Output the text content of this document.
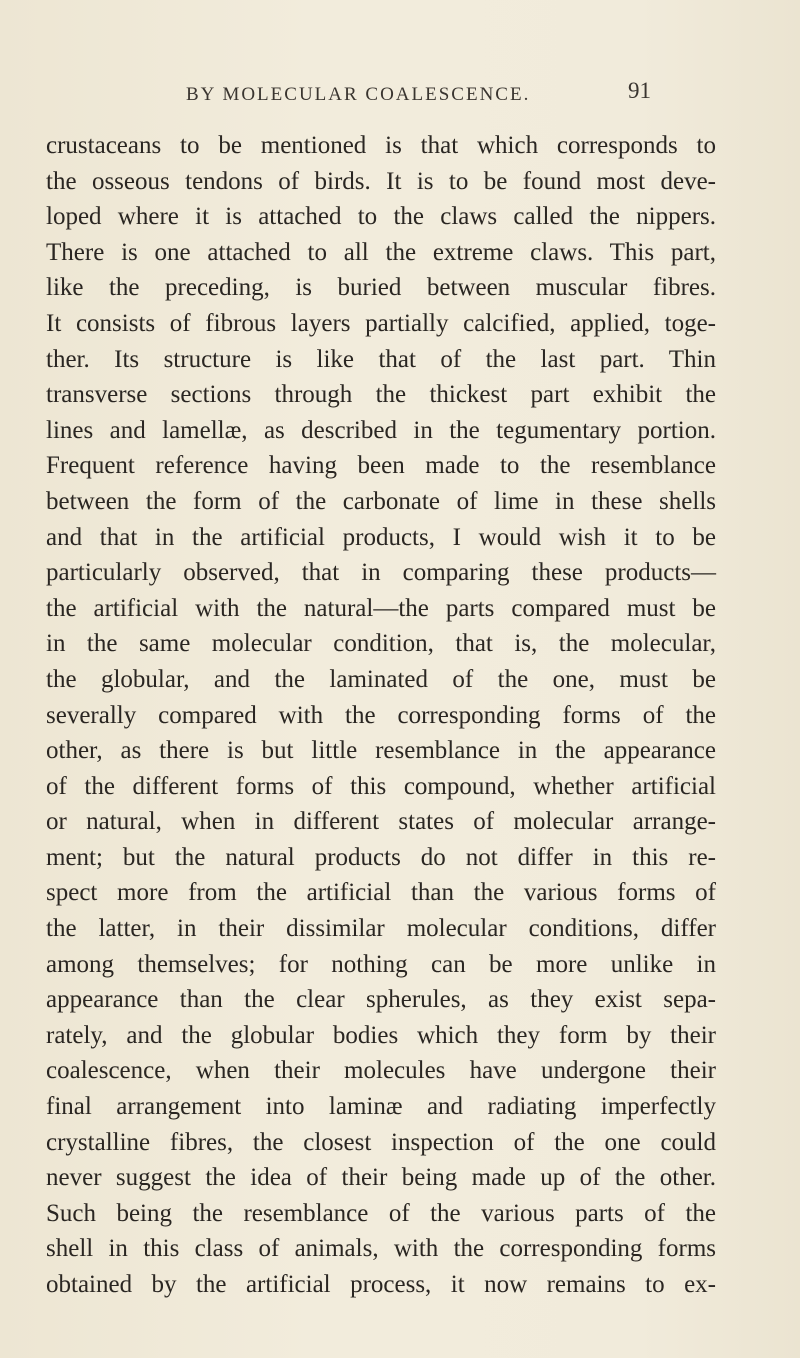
BY MOLECULAR COALESCENCE.	91
crustaceans to be mentioned is that which corresponds to
the osseous tendons of birds. It is to be found most deve-
loped where it is attached to the claws called the nippers.
There is one attached to all the extreme claws. This part,
like the preceding, is buried between muscular fibres.
It consists of fibrous layers partially calcified, applied, toge-
ther. Its structure is like that of the last part. Thin
transverse sections through the thickest part exhibit the
lines and lamellæ, as described in the tegumentary portion.
Frequent reference having been made to the resemblance
between the form of the carbonate of lime in these shells
and that in the artificial products, I would wish it to be
particularly observed, that in comparing these products—
the artificial with the natural—the parts compared must be
in the same molecular condition, that is, the molecular,
the globular, and the laminated of the one, must be
severally compared with the corresponding forms of the
other, as there is but little resemblance in the appearance
of the different forms of this compound, whether artificial
or natural, when in different states of molecular arrange-
ment; but the natural products do not differ in this re-
spect more from the artificial than the various forms of
the latter, in their dissimilar molecular conditions, differ
among themselves; for nothing can be more unlike in
appearance than the clear spherules, as they exist sepa-
rately, and the globular bodies which they form by their
coalescence, when their molecules have undergone their
final arrangement into laminæ and radiating imperfectly
crystalline fibres, the closest inspection of the one could
never suggest the idea of their being made up of the other.
Such being the resemblance of the various parts of the
shell in this class of animals, with the corresponding forms
obtained by the artificial process, it now remains to ex-
